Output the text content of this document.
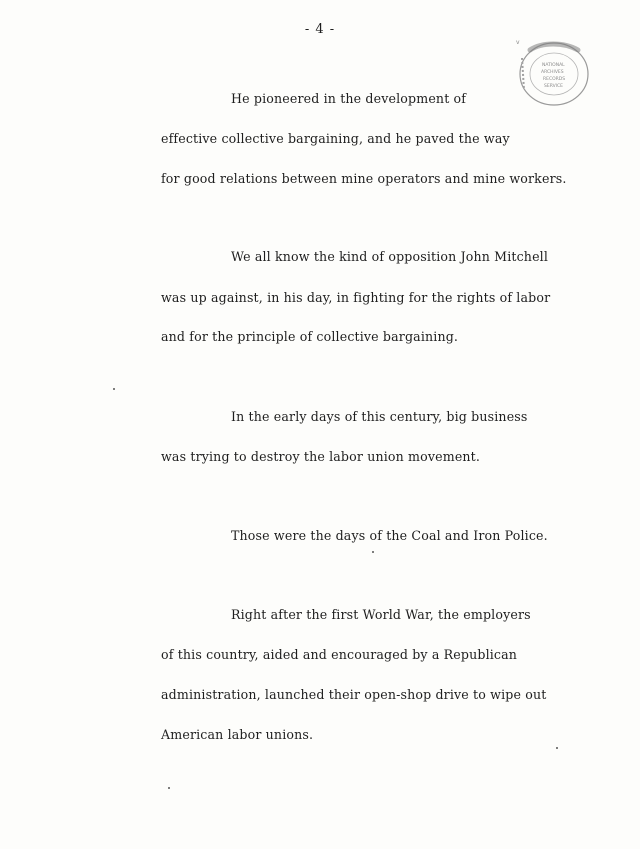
- 4 -
NATIONAL
ARCHIVES
RECORDS
SERVICE
v
He pioneered in the development of
effective collective bargaining, and he paved the way
for good relations between mine operators and mine workers.
We all know the kind of opposition John Mitchell
was up against, in his day, in fighting for the rights of labor
and for the principle of collective bargaining.
In the early days of this century, big business
was trying to destroy the labor union movement.
Those were the days of the Coal and Iron Police.
Right after the first World War, the employers
of this country, aided and encouraged by a Republican
administration, launched their open-shop drive to wipe out
American labor unions.
